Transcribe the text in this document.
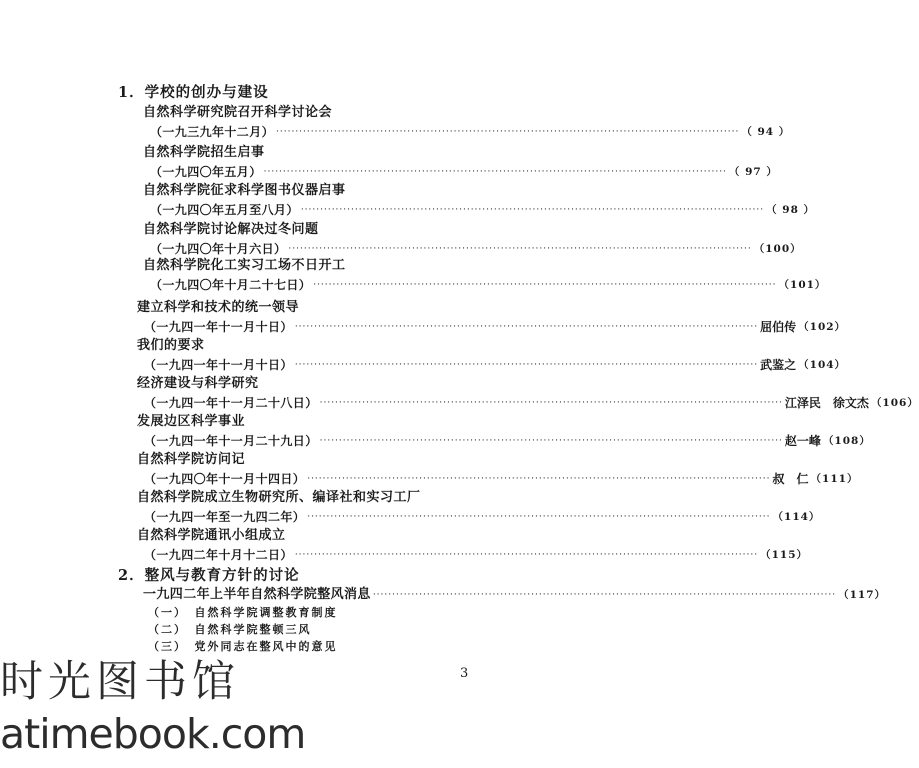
1．学校的创办与建设
自然科学研究院召开科学讨论会
（一九三九年十二月） ························································································································ （ 94 ）
自然科学院招生启事
（一九四〇年五月） ························································································································ （ 97 ）
自然科学院征求科学图书仪器启事
（一九四〇年五月至八月） ························································································································ （ 98 ）
自然科学院讨论解决过冬问题
（一九四〇年十月六日） ························································································································ （100）
自然科学院化工实习工场不日开工
（一九四〇年十月二十七日） ························································································································ （101）
建立科学和技术的统一领导
（一九四一年十一月十日） ························································································································ 屈伯传 （102）
我们的要求
（一九四一年十一月十日） ························································································································ 武鉴之 （104）
经济建设与科学研究
（一九四一年十一月二十八日） ························································································································ 江泽民　徐文杰 （106）
发展边区科学事业
（一九四一年十一月二十九日） ························································································································ 赵一峰 （108）
自然科学院访问记
（一九四〇年十一月十四日） ························································································································ 叔　仁 （111）
自然科学院成立生物研究所、编译社和实习工厂
（一九四一年至一九四二年） ························································································································ （114）
自然科学院通讯小组成立
（一九四二年十月十二日） ························································································································ （115）
2．整风与教育方针的讨论
一九四二年上半年自然科学院整风消息 ························································································································ （117）
（一）　自然科学院调整教育制度
（二）　自然科学院整顿三风
（三）　党外同志在整风中的意见
3
时光图书馆
atimebook.com
